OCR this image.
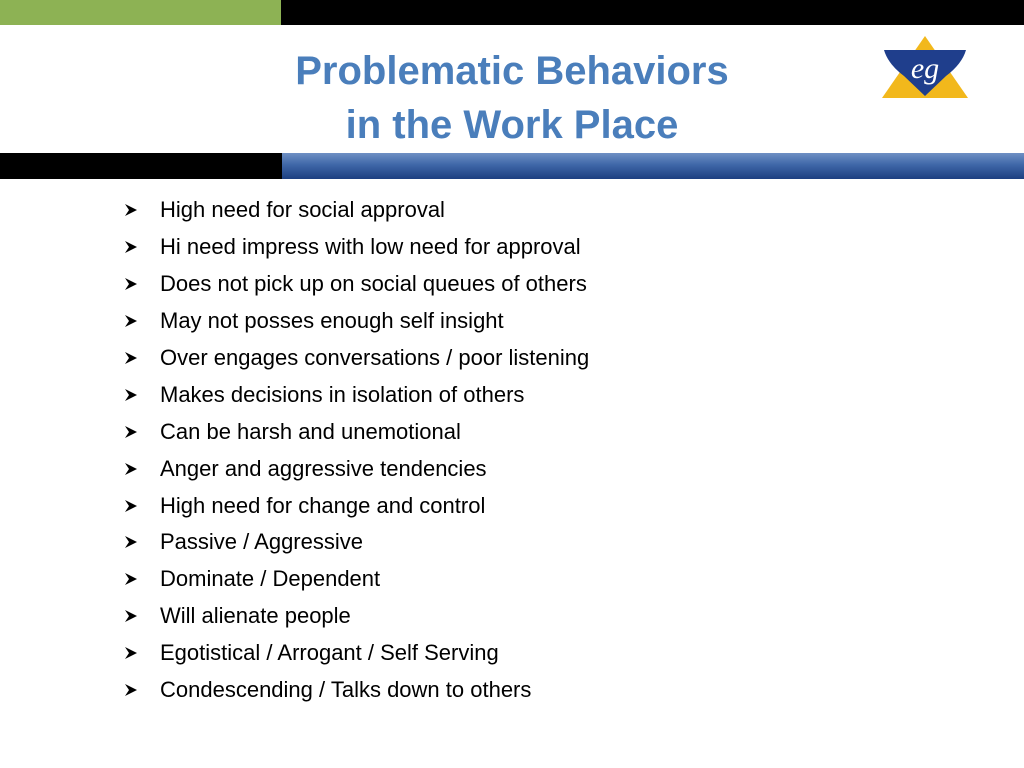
Problematic Behaviors
in the Work Place
eg
High need for social approval
Hi need impress with low need for approval
Does not pick up on social queues of others
May not posses enough self insight
Over engages conversations / poor listening
Makes decisions in isolation of others
Can be harsh and unemotional
Anger and aggressive tendencies
High need for change and control
Passive / Aggressive
Dominate / Dependent
Will alienate people
Egotistical / Arrogant / Self Serving
Condescending / Talks down to others
